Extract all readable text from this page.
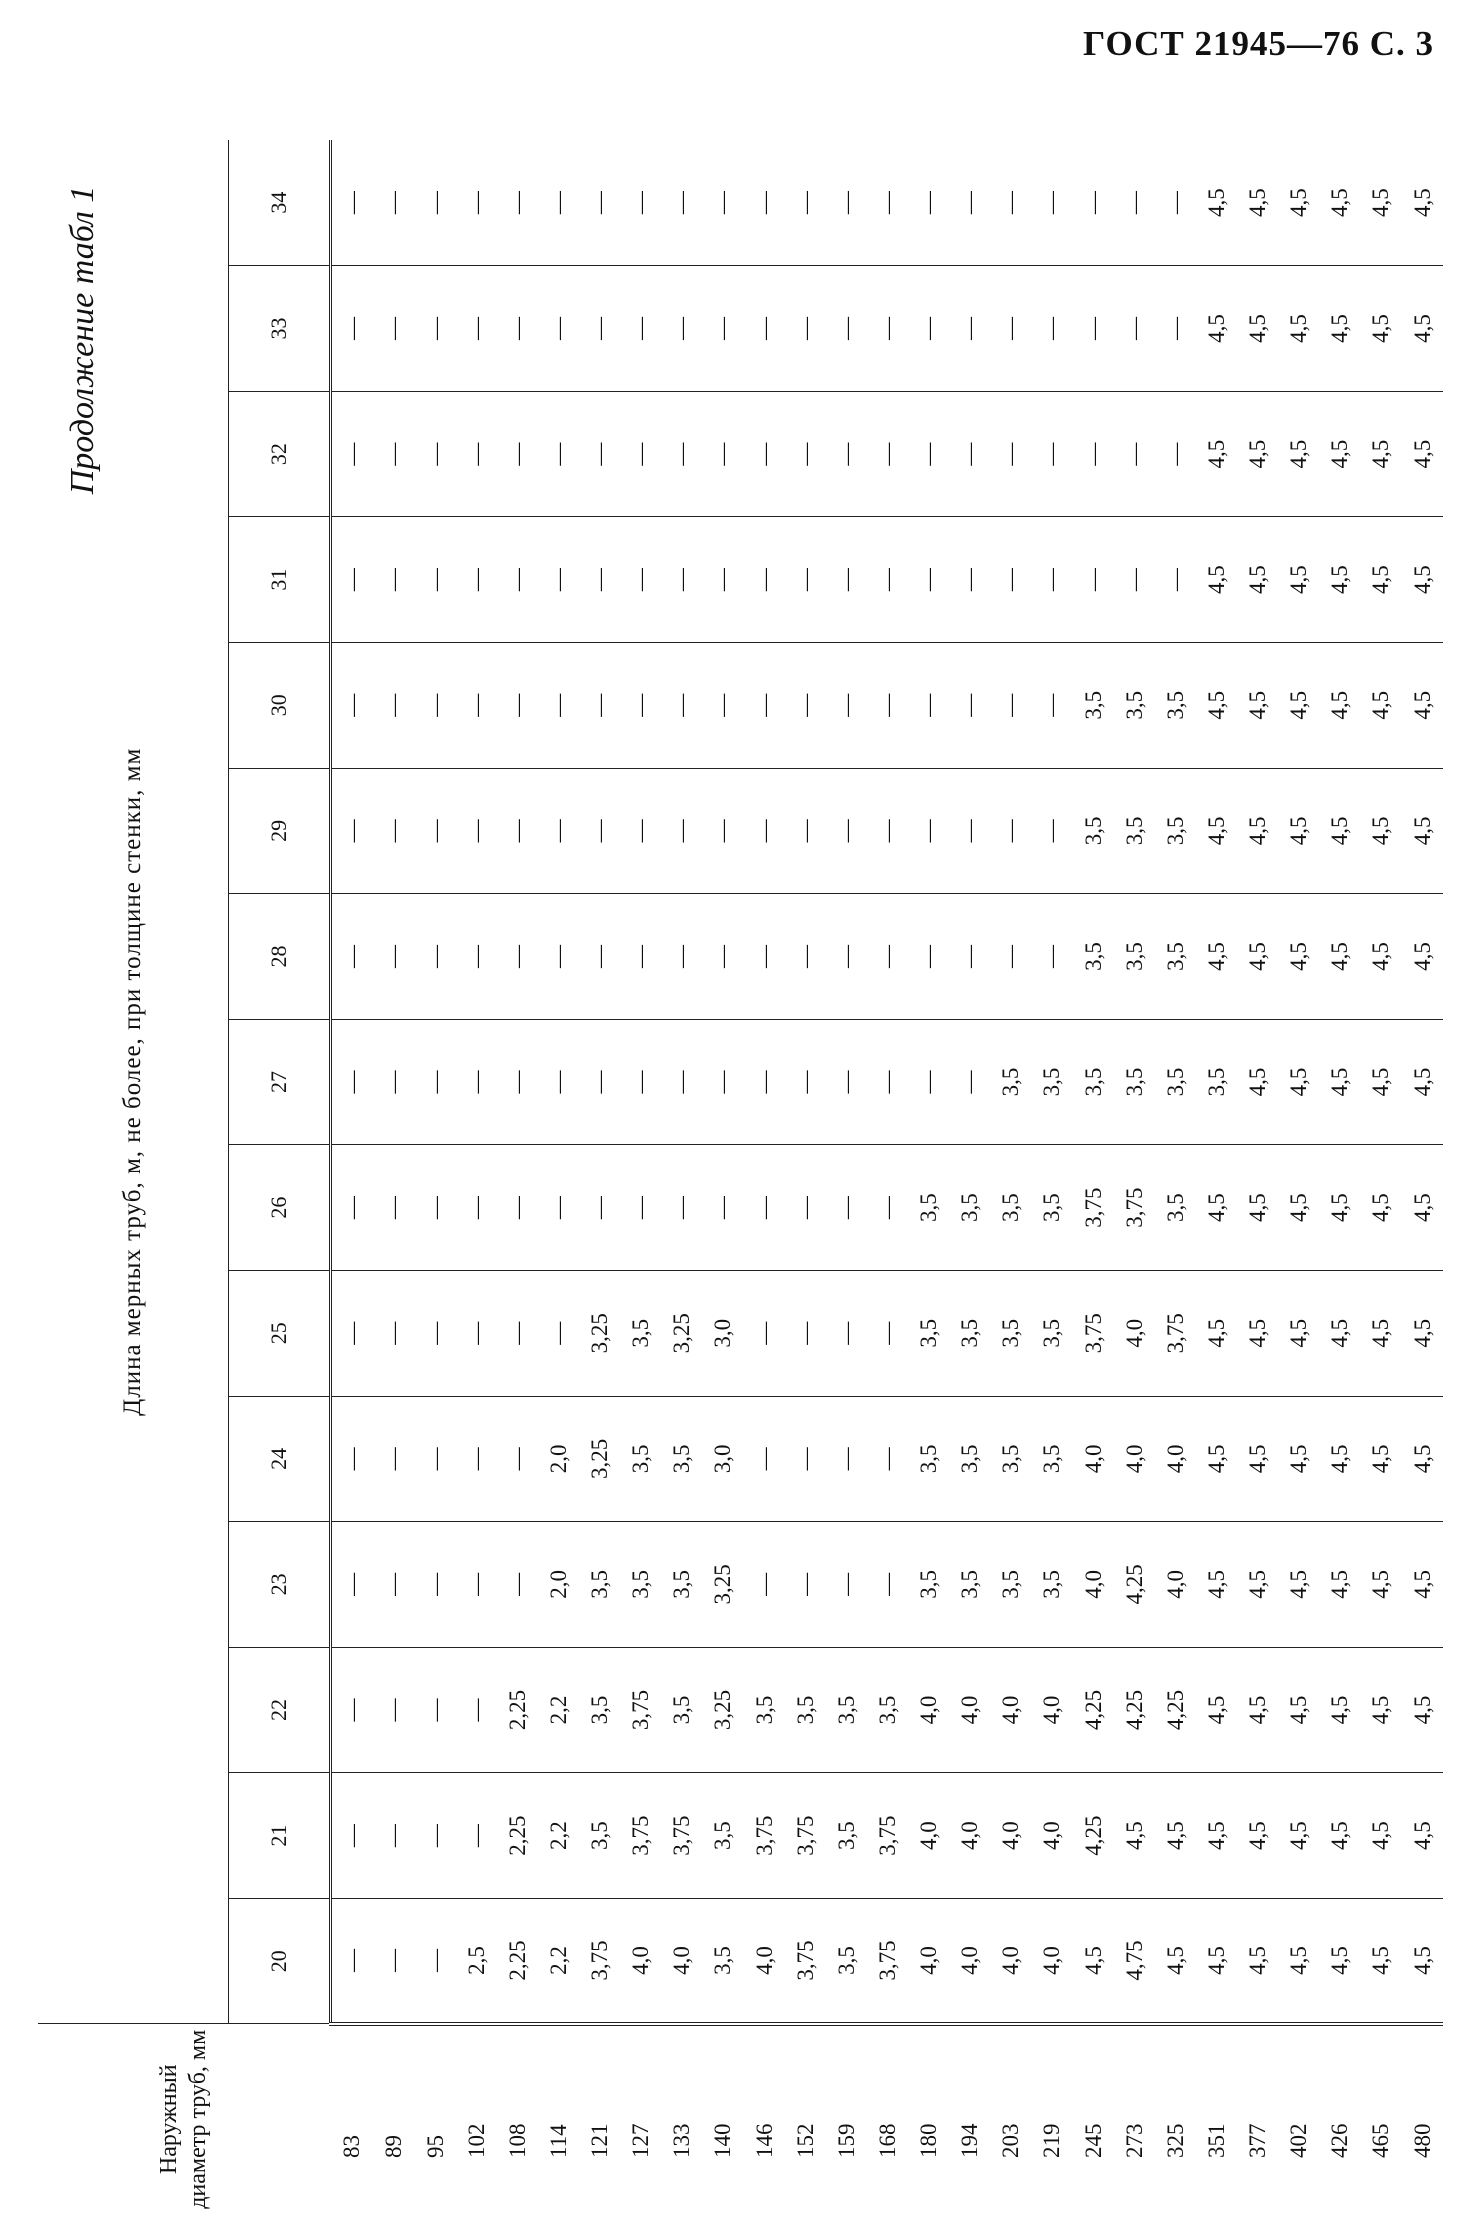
ГОСТ 21945—76 С. 3
Продолжение табл 1
Наружный диаметр труб, мм	Длина мерных труб, м, не более, при толщине стенки, мм														
	20	21	22	23	24	25	26	27	28	29	30	31	32	33	34
83	—	—	—	—	—	—	—	—	—	—	—	—	—	—	—
89	—	—	—	—	—	—	—	—	—	—	—	—	—	—	—
95	—	—	—	—	—	—	—	—	—	—	—	—	—	—	—
102	2,5	—	—	—	—	—	—	—	—	—	—	—	—	—	—
108	2,25	2,25	2,25	—	—	—	—	—	—	—	—	—	—	—	—
114	2,2	2,2	2,2	2,0	2,0	—	—	—	—	—	—	—	—	—	—
121	3,75	3,5	3,5	3,5	3,25	3,25	—	—	—	—	—	—	—	—	—
127	4,0	3,75	3,75	3,5	3,5	3,5	—	—	—	—	—	—	—	—	—
133	4,0	3,75	3,5	3,5	3,5	3,25	—	—	—	—	—	—	—	—	—
140	3,5	3,5	3,25	3,25	3,0	3,0	—	—	—	—	—	—	—	—	—
146	4,0	3,75	3,5	—	—	—	—	—	—	—	—	—	—	—	—
152	3,75	3,75	3,5	—	—	—	—	—	—	—	—	—	—	—	—
159	3,5	3,5	3,5	—	—	—	—	—	—	—	—	—	—	—	—
168	3,75	3,75	3,5	—	—	—	—	—	—	—	—	—	—	—	—
180	4,0	4,0	4,0	3,5	3,5	3,5	3,5	—	—	—	—	—	—	—	—
194	4,0	4,0	4,0	3,5	3,5	3,5	3,5	—	—	—	—	—	—	—	—
203	4,0	4,0	4,0	3,5	3,5	3,5	3,5	3,5	—	—	—	—	—	—	—
219	4,0	4,0	4,0	3,5	3,5	3,5	3,5	3,5	—	—	—	—	—	—	—
245	4,5	4,25	4,25	4,0	4,0	3,75	3,75	3,5	3,5	3,5	3,5	—	—	—	—
273	4,75	4,5	4,25	4,25	4,0	4,0	3,75	3,5	3,5	3,5	3,5	—	—	—	—
325	4,5	4,5	4,25	4,0	4,0	3,75	3,5	3,5	3,5	3,5	3,5	—	—	—	—
351	4,5	4,5	4,5	4,5	4,5	4,5	4,5	3,5	4,5	4,5	4,5	4,5	4,5	4,5	4,5
377	4,5	4,5	4,5	4,5	4,5	4,5	4,5	4,5	4,5	4,5	4,5	4,5	4,5	4,5	4,5
402	4,5	4,5	4,5	4,5	4,5	4,5	4,5	4,5	4,5	4,5	4,5	4,5	4,5	4,5	4,5
426	4,5	4,5	4,5	4,5	4,5	4,5	4,5	4,5	4,5	4,5	4,5	4,5	4,5	4,5	4,5
465	4,5	4,5	4,5	4,5	4,5	4,5	4,5	4,5	4,5	4,5	4,5	4,5	4,5	4,5	4,5
480	4,5	4,5	4,5	4,5	4,5	4,5	4,5	4,5	4,5	4,5	4,5	4,5	4,5	4,5	4,5
